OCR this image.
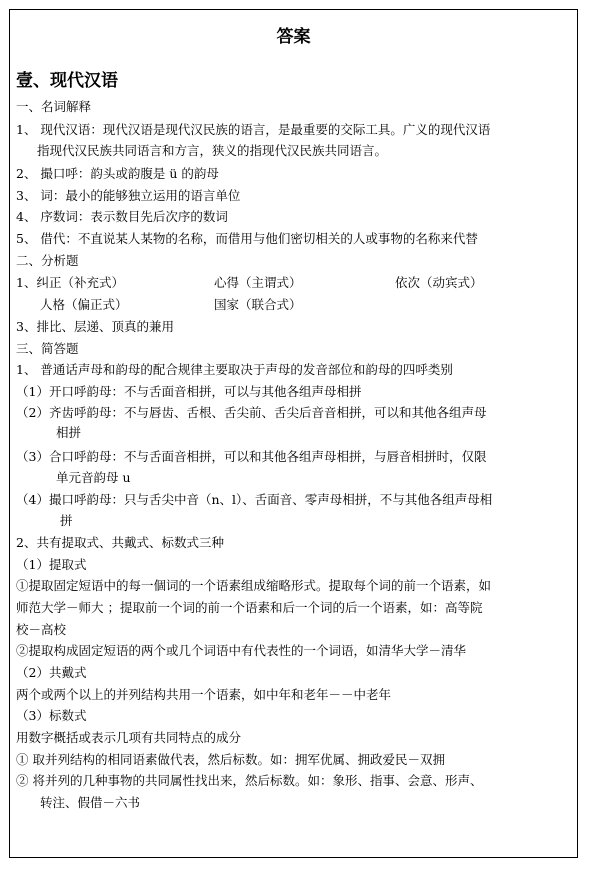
答案
壹、现代汉语
一、名词解释
1、 现代汉语：现代汉语是现代汉民族的语言，是最重要的交际工具。广义的现代汉语
指现代汉民族共同语言和方言，狭义的指现代汉民族共同语言。
2、 撮口呼：韵头或韵腹是 ü 的韵母
3、 词：最小的能够独立运用的语言单位
4、 序数词：表示数目先后次序的数词
5、 借代：不直说某人某物的名称，而借用与他们密切相关的人或事物的名称来代替
二、分析题
1、纠正（补充式）	心得（主谓式）	依次（动宾式）
人格（偏正式）	国家（联合式）
3、排比、层递、顶真的兼用
三、简答题
1、 普通话声母和韵母的配合规律主要取决于声母的发音部位和韵母的四呼类别
（1）开口呼韵母：不与舌面音相拼，可以与其他各组声母相拼
（2）齐齿呼韵母：不与唇齿、舌根、舌尖前、舌尖后音音相拼，可以和其他各组声母
相拼
（3）合口呼韵母：不与舌面音相拼，可以和其他各组声母相拼，与唇音相拼时，仅限
单元音韵母 u
（4）撮口呼韵母：只与舌尖中音（n、l）、舌面音、零声母相拼，不与其他各组声母相
拼
2、共有提取式、共戴式、标数式三种
（1）提取式
①提取固定短语中的每一個词的一个语素组成缩略形式。提取每个词的前一个语素，如
师范大学－师大 ；提取前一个词的前一个语素和后一个词的后一个语素，如：高等院
校－高校
②提取构成固定短语的两个或几个词语中有代表性的一个词语，如清华大学－清华
（2）共戴式
两个或两个以上的并列结构共用一个语素，如中年和老年－－中老年
（3）标数式
用数字概括或表示几项有共同特点的成分
① 取并列结构的相同语素做代表，然后标数。如：拥军优属、拥政爱民－双拥
② 将并列的几种事物的共同属性找出来，然后标数。如：象形、指事、会意、形声、
转注、假借－六书
